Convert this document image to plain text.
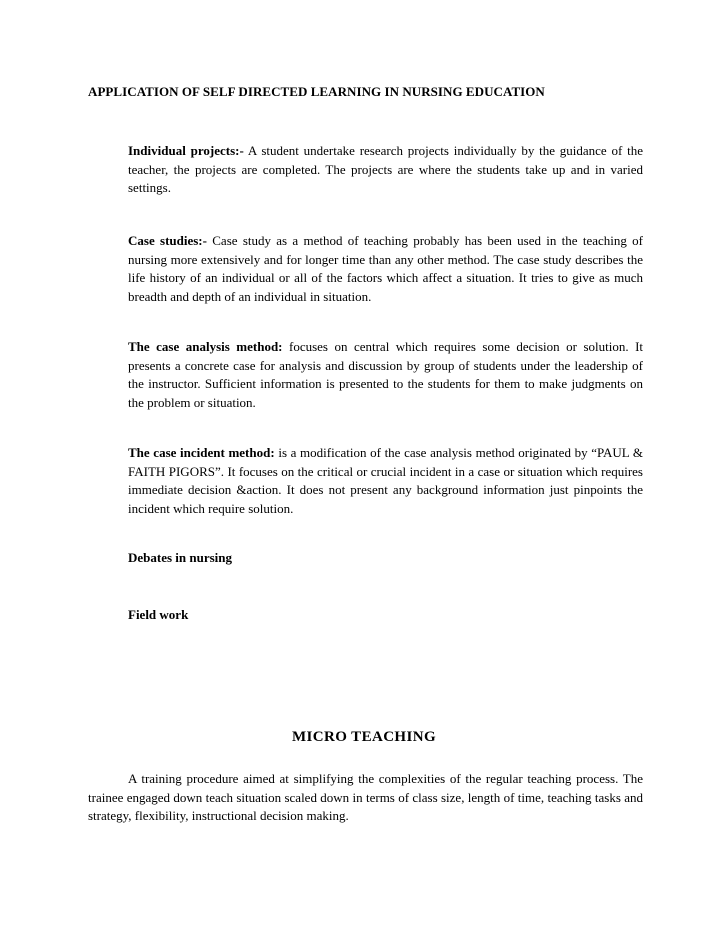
APPLICATION OF SELF DIRECTED LEARNING IN NURSING EDUCATION
Individual projects:- A student undertake research projects individually by the guidance of the teacher, the projects are completed. The projects are where the students take up and in varied settings.
Case studies:- Case study as a method of teaching probably has been used in the teaching of nursing more extensively and for longer time than any other method. The case study describes the life history of an individual or all of the factors which affect a situation. It tries to give as much breadth and depth of an individual in situation.
The case analysis method: focuses on central which requires some decision or solution. It presents a concrete case for analysis and discussion by group of students under the leadership of the instructor. Sufficient information is presented to the students for them to make judgments on the problem or situation.
The case incident method: is a modification of the case analysis method originated by “PAUL & FAITH PIGORS”. It focuses on the critical or crucial incident in a case or situation which requires immediate decision &action. It does not present any background information just pinpoints the incident which require solution.
Debates in nursing
Field work
MICRO TEACHING
A training procedure aimed at simplifying the complexities of the regular teaching process. The trainee engaged down teach situation scaled down in terms of class size, length of time, teaching tasks and strategy, flexibility, instructional decision making.
